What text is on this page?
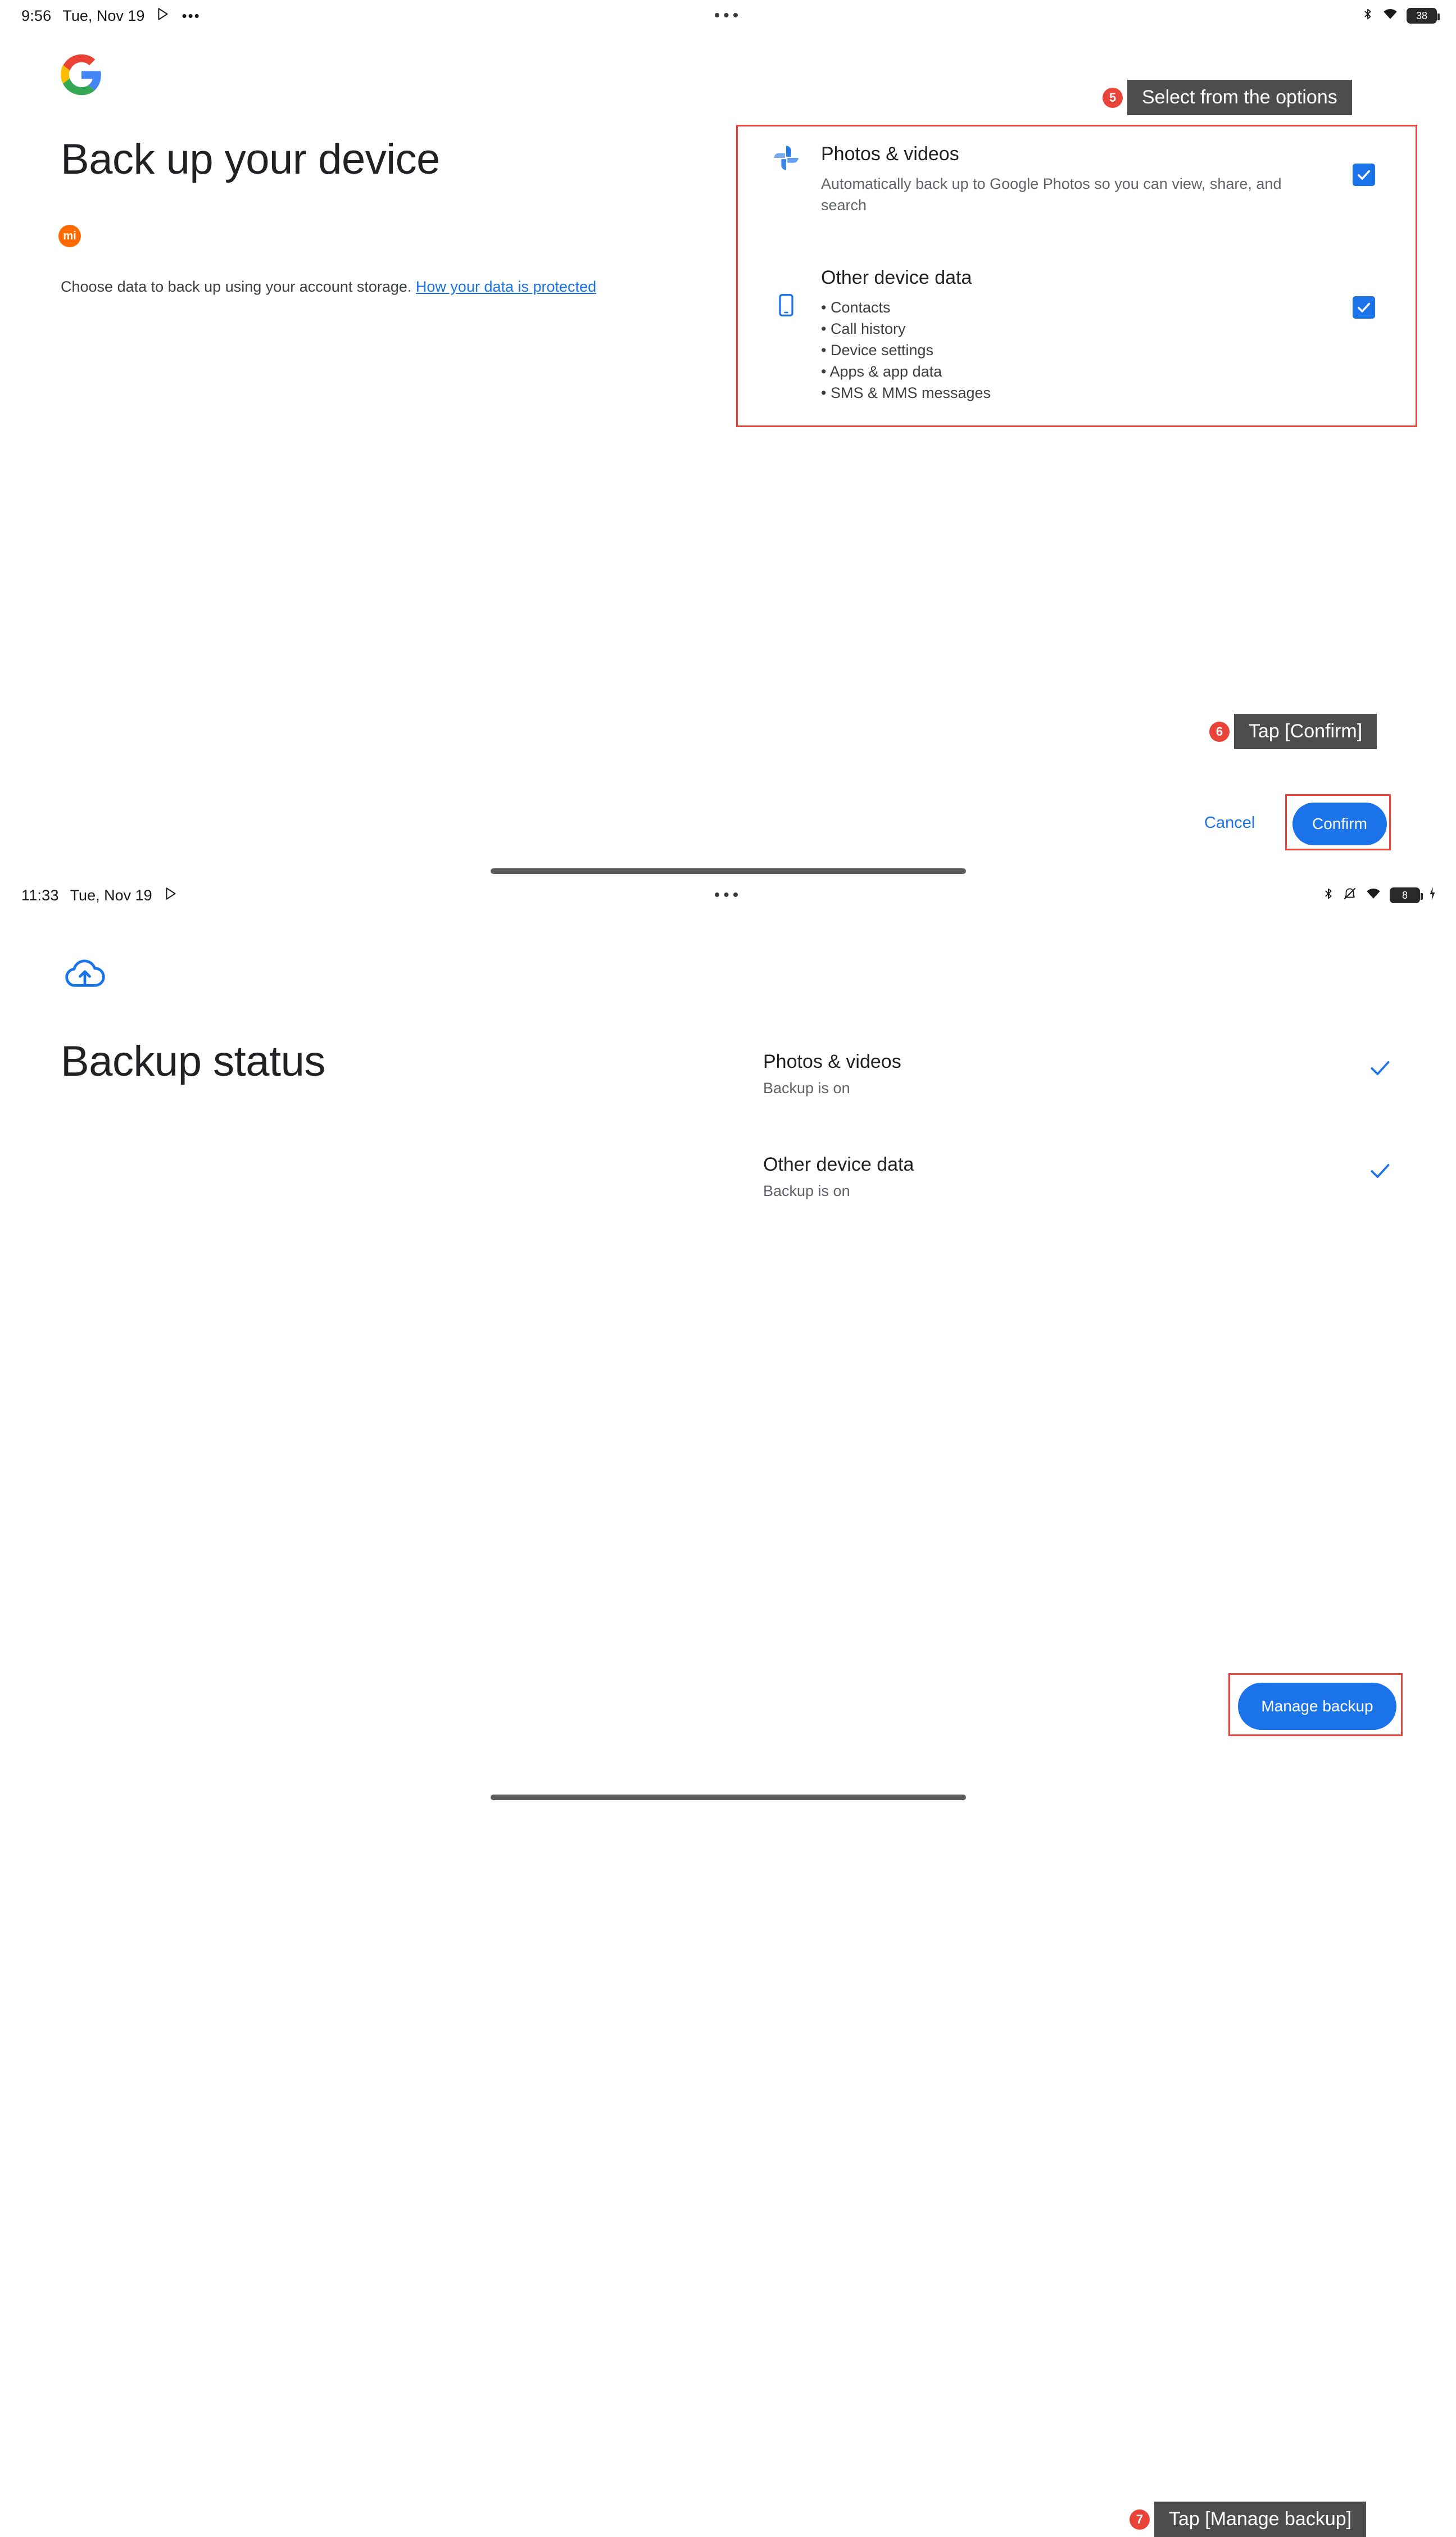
9:56 Tue, Nov 19	•••	•••	38
Back up your device
mi
Choose data to back up using your account storage. How your data is protected
Photos & videos
Automatically back up to Google Photos so you can view, share, and search
Other device data
• Contacts
• Call history
• Device settings
• Apps & app data
• SMS & MMS messages
5	Select from the options
6	Tap [Confirm]
Cancel	Confirm
11:33 Tue, Nov 19	•••	8
Backup status	Photos & videos
Backup is on
Other device data
Backup is on
7	Tap [Manage backup]
Manage backup
